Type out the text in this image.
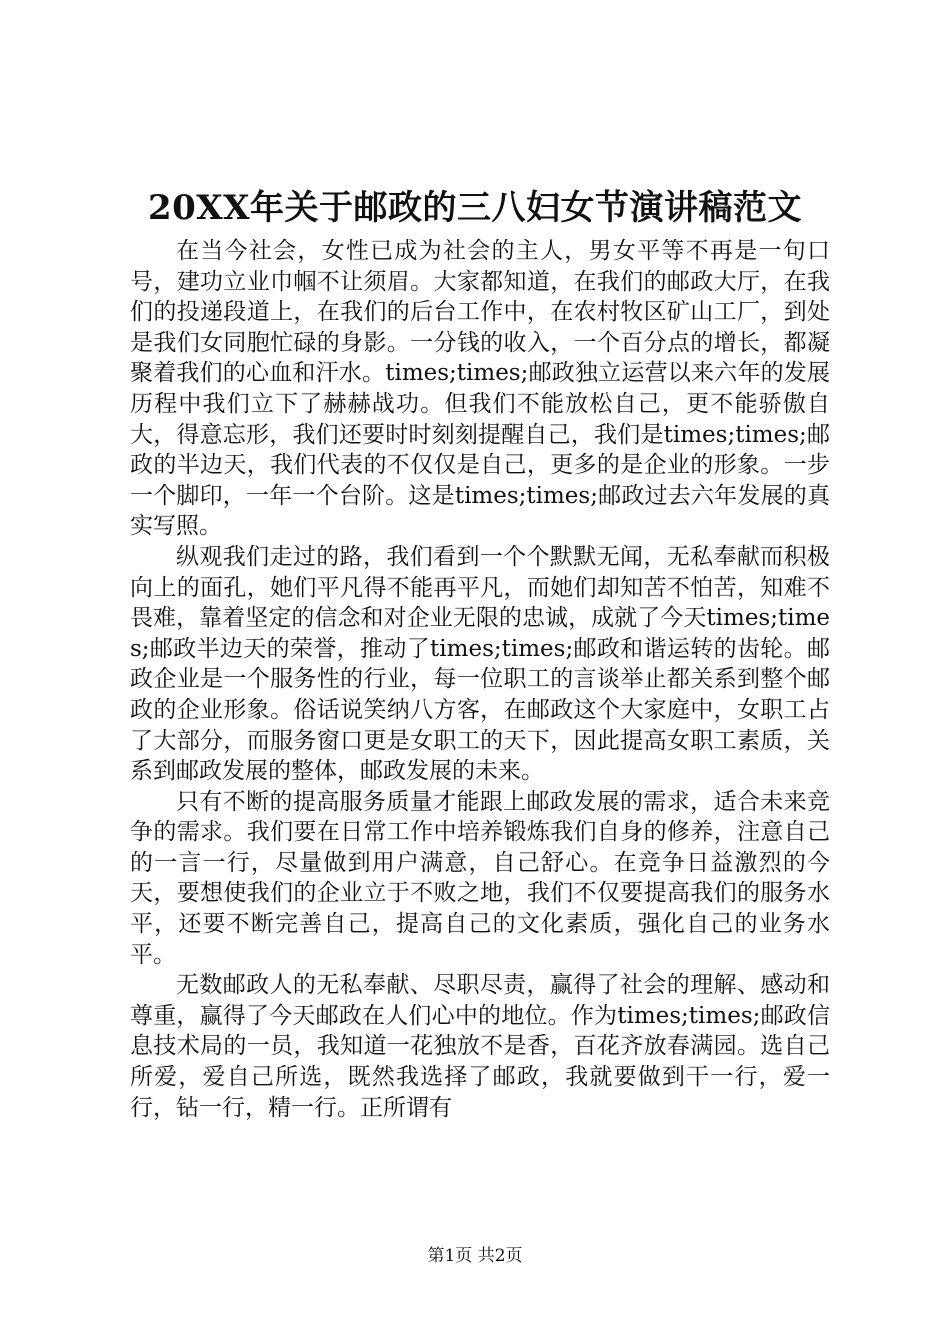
20XX年关于邮政的三八妇女节演讲稿范文

在当今社会，女性已成为社会的主人，男女平等不再是一句口号，建功立业巾帼不让须眉。大家都知道，在我们的邮政大厅，在我们的投递段道上，在我们的后台工作中，在农村牧区矿山工厂，到处是我们女同胞忙碌的身影。一分钱的收入，一个百分点的增长，都凝聚着我们的心血和汗水。times;times;邮政独立运营以来六年的发展历程中我们立下了赫赫战功。但我们不能放松自己，更不能骄傲自大，得意忘形，我们还要时时刻刻提醒自己，我们是times;times;邮政的半边天，我们代表的不仅仅是自己，更多的是企业的形象。一步一个脚印，一年一个台阶。这是times;times;邮政过去六年发展的真实写照。

纵观我们走过的路，我们看到一个个默默无闻，无私奉献而积极向上的面孔，她们平凡得不能再平凡，而她们却知苦不怕苦，知难不畏难，靠着坚定的信念和对企业无限的忠诚，成就了今天times;times;邮政半边天的荣誉，推动了times;times;邮政和谐运转的齿轮。邮政企业是一个服务性的行业，每一位职工的言谈举止都关系到整个邮政的企业形象。俗话说笑纳八方客，在邮政这个大家庭中，女职工占了大部分，而服务窗口更是女职工的天下，因此提高女职工素质，关系到邮政发展的整体，邮政发展的未来。

只有不断的提高服务质量才能跟上邮政发展的需求，适合未来竞争的需求。我们要在日常工作中培养锻炼我们自身的修养，注意自己的一言一行，尽量做到用户满意，自己舒心。在竞争日益激烈的今天，要想使我们的企业立于不败之地，我们不仅要提高我们的服务水平，还要不断完善自己，提高自己的文化素质，强化自己的业务水平。

无数邮政人的无私奉献、尽职尽责，赢得了社会的理解、感动和尊重，赢得了今天邮政在人们心中的地位。作为times;times;邮政信息技术局的一员，我知道一花独放不是香，百花齐放春满园。选自己所爱，爱自己所选，既然我选择了邮政，我就要做到干一行，爱一行，钻一行，精一行。正所谓有

第1页 共2页
